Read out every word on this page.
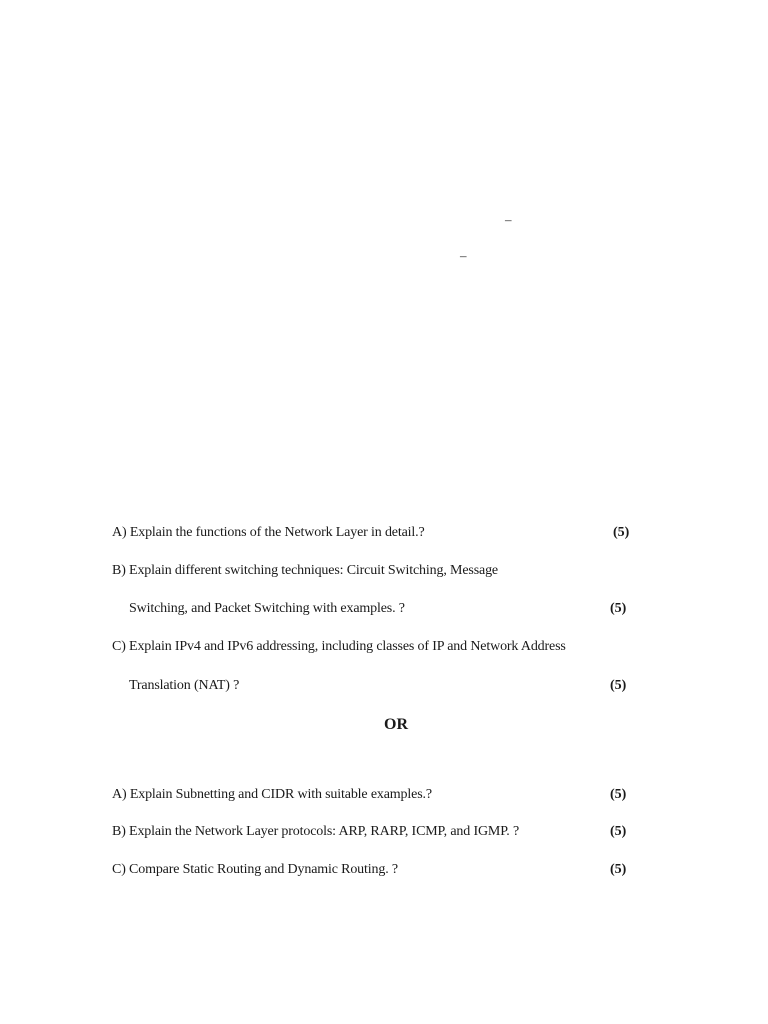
–
–
A) Explain the functions of the Network Layer in detail.?	(5)
B) Explain different switching techniques: Circuit Switching, Message
Switching, and Packet Switching with examples. ?	(5)
C) Explain IPv4 and IPv6 addressing, including classes of IP and Network Address
Translation (NAT) ?	(5)
OR
A) Explain Subnetting and CIDR with suitable examples.?	(5)
B) Explain the Network Layer protocols: ARP, RARP, ICMP, and IGMP. ?	(5)
C) Compare Static Routing and Dynamic Routing. ?	(5)
